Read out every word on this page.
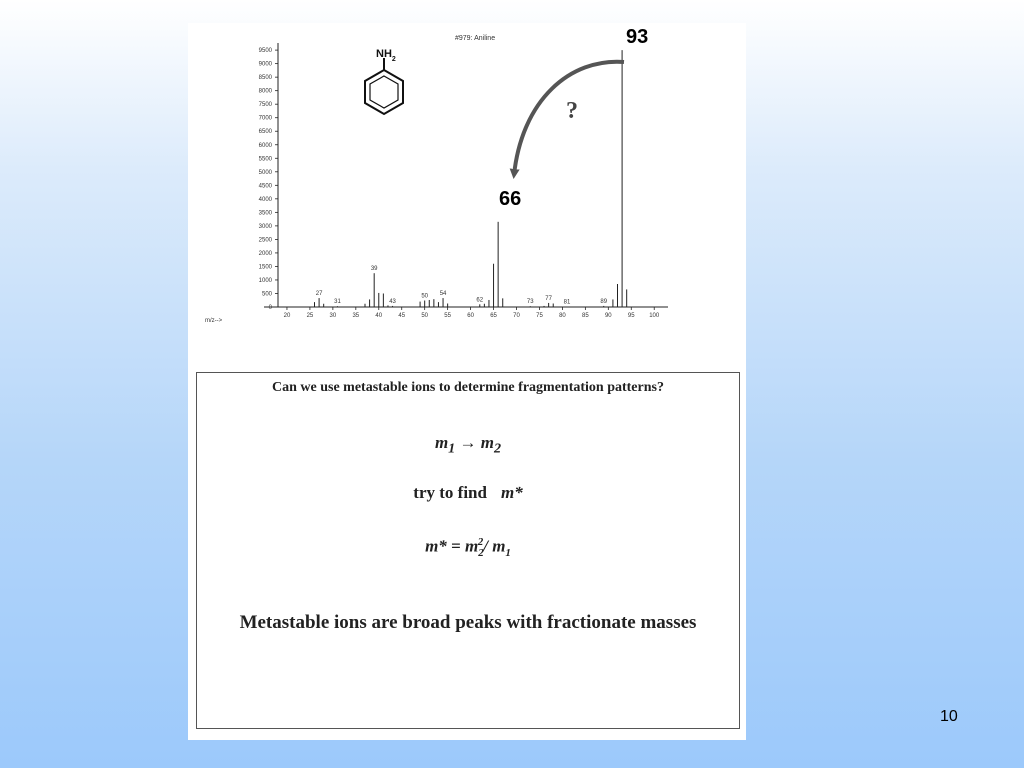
#979: Aniline
$NH_2$
0
500
1000
1500
2000
2500
3000
3500
4000
4500
5000
5500
6000
6500
7000
7500
8000
8500
9000
9500
20	25	30	35	40	45	50	55	60	65	70	75	80	85	90	95 100
27
31
39
43
50 54
62	73
77
81	89
m/z-->
93
66
?
Can we use metastable ions to determine fragmentation patterns?
$m_1 \to m_2$
try to find m*
$m* = m_2^2/$ $m_1$
Metastable ions are broad peaks with fractionate masses
10
